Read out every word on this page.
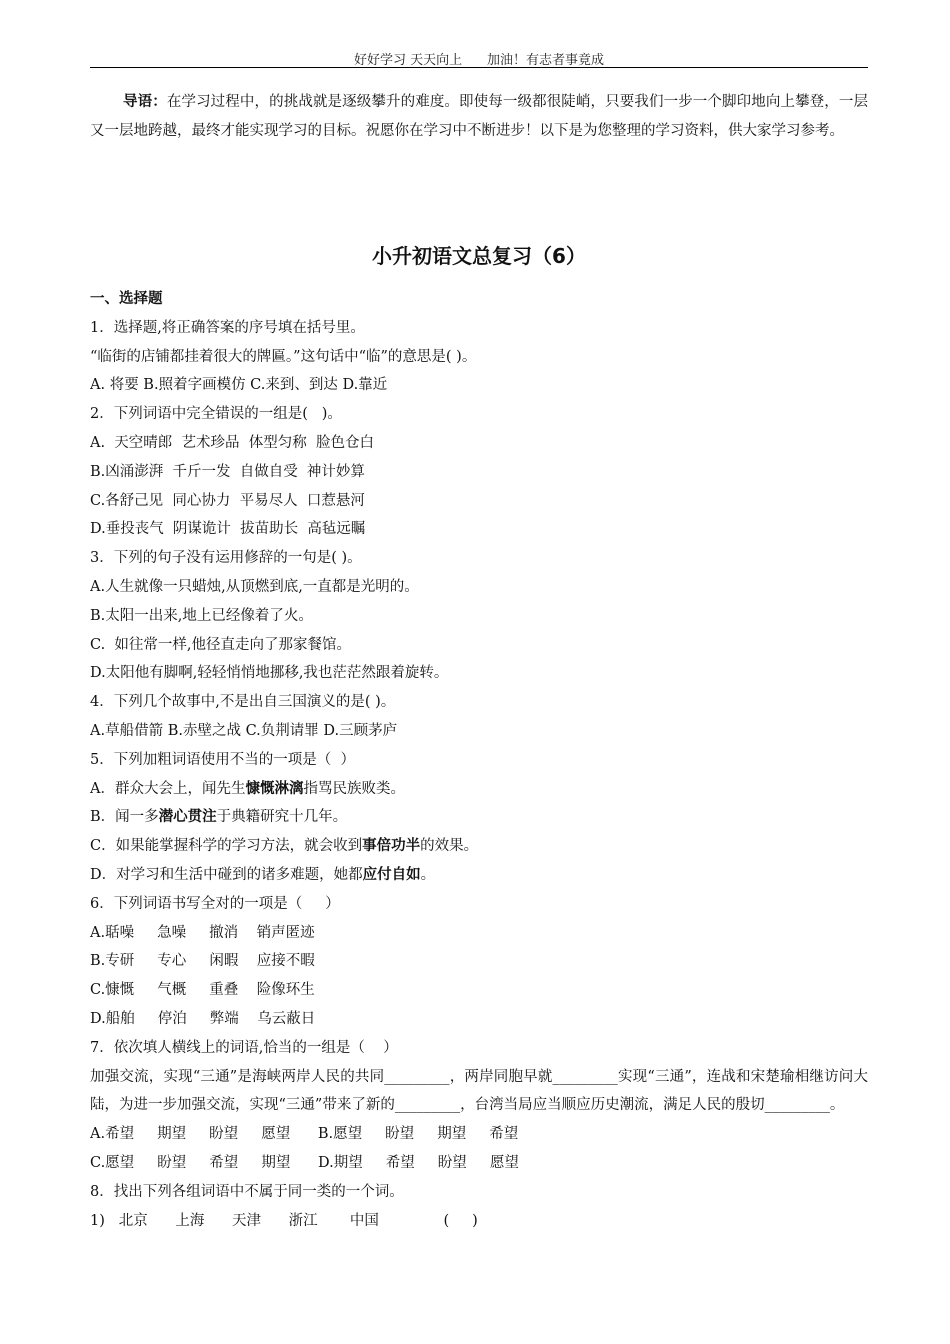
好好学习 天天向上      加油！有志者事竟成
导语：在学习过程中，的挑战就是逐级攀升的难度。即使每一级都很陡峭，只要我们一步一个脚印地向上攀登，一层又一层地跨越，最终才能实现学习的目标。祝愿你在学习中不断进步！以下是为您整理的学习资料，供大家学习参考。
小升初语文总复习（6）
一、选择题
1．选择题,将正确答案的序号填在括号里。
“临街的店铺都挂着很大的牌匾。”这句话中“临”的意思是( )。
A. 将要 B.照着字画模仿 C.来到、到达 D.靠近
2．下列词语中完全错误的一组是(   )。
A.  天空晴郎  艺术珍品  体型匀称  脸色仓白
B.凶涌澎湃  千斤一发  自做自受  神计妙算
C.各舒己见  同心协力  平易尽人  口惹悬河
D.垂投丧气  阴谋诡计  拔苗助长  高毡远瞩
3．下列的句子没有运用修辞的一句是( )。
A.人生就像一只蜡烛,从顶燃到底,一直都是光明的。
B.太阳一出来,地上已经像着了火。
C.  如往常一样,他径直走向了那家餐馆。
D.太阳他有脚啊,轻轻悄悄地挪移,我也茫茫然跟着旋转。
4．下列几个故事中,不是出自三国演义的是( )。
A.草船借箭 B.赤壁之战 C.负荆请罪 D.三顾茅庐
5．下列加粗词语使用不当的一项是（  ）
A．群众大会上，闻先生慷慨淋漓指骂民族败类。
B．闻一多潜心贯注于典籍研究十几年。
C．如果能掌握科学的学习方法，就会收到事倍功半的效果。
D．对学习和生活中碰到的诸多难题，她都应付自如。
6．下列词语书写全对的一项是（     ）
A.聒噪     急噪     撤消    销声匿迹
B.专研     专心     闲暇    应接不暇
C.慷慨     气概     重叠    险像环生
D.船舶     停泊     弊端    乌云蔽日
7．依次填人横线上的词语,恰当的一组是（    ）
加强交流，实现“三通”是海峡两岸人民的共同_________，两岸同胞早就_________实现“三通”，连战和宋楚瑜相继访问大陆，为进一步加强交流，实现“三通”带来了新的_________，台湾当局应当顺应历史潮流，满足人民的殷切_________。
A.希望     期望     盼望     愿望      B.愿望     盼望     期望     希望
C.愿望     盼望     希望     期望      D.期望     希望     盼望     愿望
8．找出下列各组词语中不属于同一类的一个词。
1)   北京      上海      天津      浙江       中国              (     )
